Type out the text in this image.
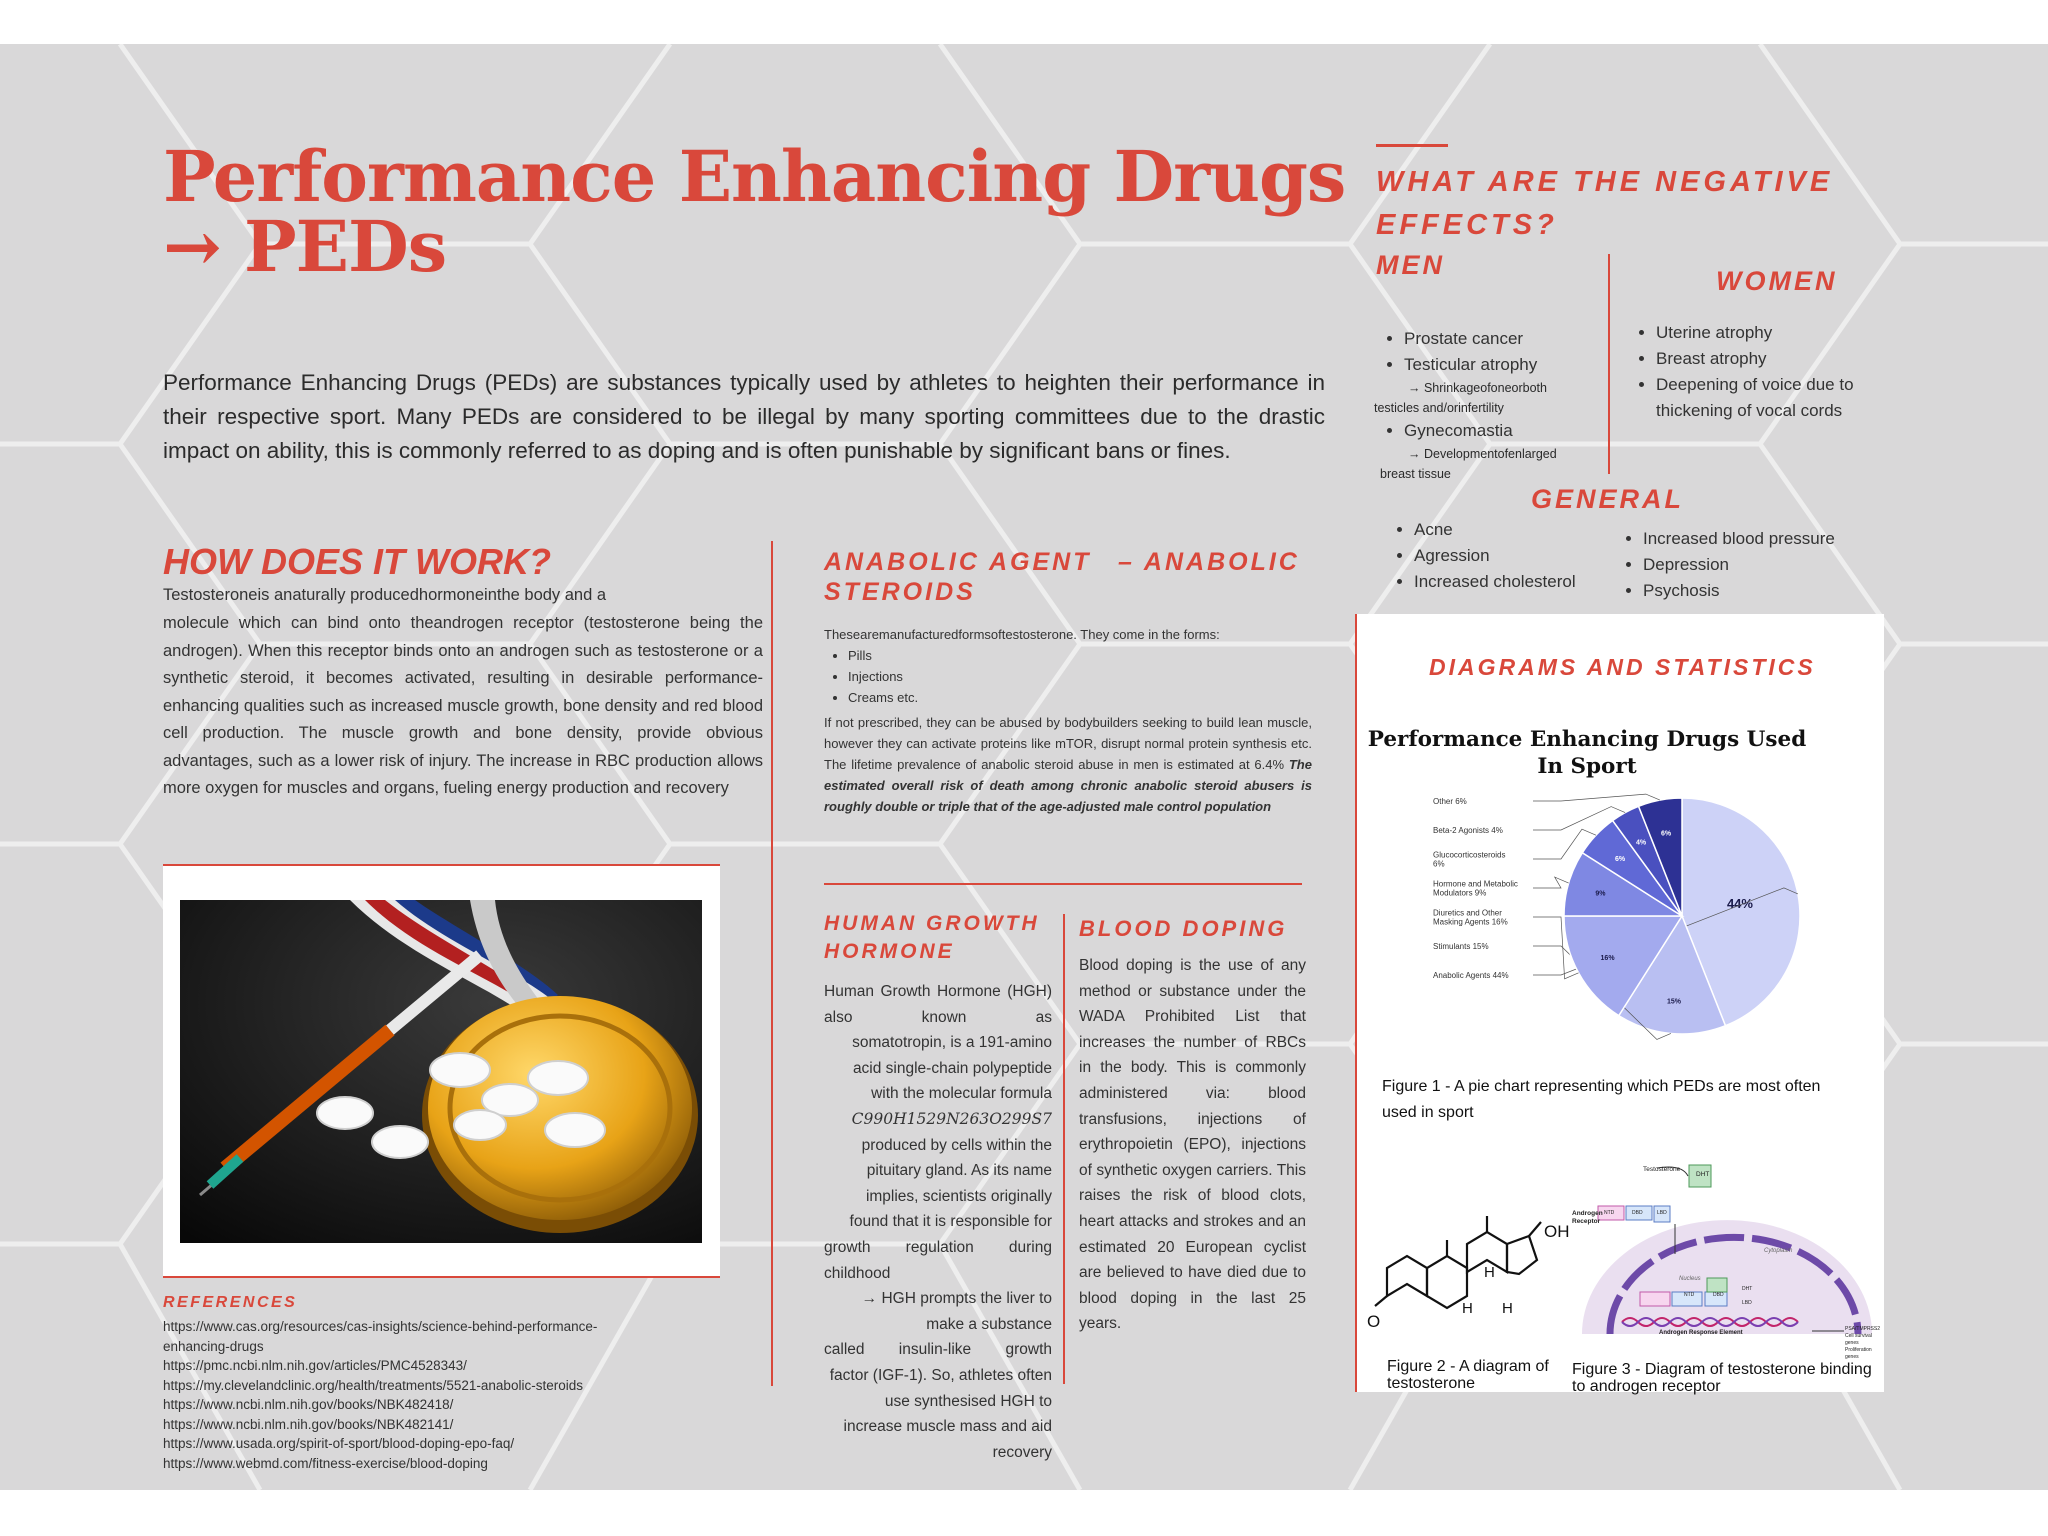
Performance Enhancing Drugs
→ PEDs
Performance Enhancing Drugs (PEDs) are substances typically used by athletes to heighten their performance in their respective sport. Many PEDs are considered to be illegal by many sporting committees due to the drastic impact on ability, this is commonly referred to as doping and is often punishable by significant bans or fines.
HOW DOES IT WORK?
Testosteroneis anaturally producedhormoneinthe body and a
molecule which can bind onto theandrogen receptor (testosterone being the androgen). When this receptor binds onto an androgen such as testosterone or a synthetic steroid, it becomes activated, resulting in desirable performance-enhancing qualities such as increased muscle growth, bone density and red blood cell production. The muscle growth and bone density, provide obvious advantages, such as a lower risk of injury. The increase in RBC production allows more oxygen for muscles and organs, fueling energy production and recovery
REFERENCES
https://www.cas.org/resources/cas-insights/science-behind-performance-
enhancing-drugs
https://pmc.ncbi.nlm.nih.gov/articles/PMC4528343/
https://my.clevelandclinic.org/health/treatments/5521-anabolic-steroids
https://www.ncbi.nlm.nih.gov/books/NBK482418/
https://www.ncbi.nlm.nih.gov/books/NBK482141/
https://www.usada.org/spirit-of-sport/blood-doping-epo-faq/
https://www.webmd.com/fitness-exercise/blood-doping
ANABOLIC AGENT – ANABOLIC
STEROIDS
Thesearemanufacturedformsoftestosterone. They come in the forms:
• Pills
• Injections
• Creams etc.
If not prescribed, they can be abused by bodybuilders seeking to build lean muscle, however they can activate proteins like mTOR, disrupt normal protein synthesis etc. The lifetime prevalence of anabolic steroid abuse in men is estimated at 6.4% The estimated overall risk of death among chronic anabolic steroid abusers is roughly double or triple that of the age-adjusted male control population
HUMAN GROWTH
HORMONE
Human Growth Hormone (HGH) also known as
somatotropin, is a 191-amino acid single-chain polypeptide with the molecular formula
C990H1529N263O299S7
produced by cells within the pituitary gland. As its name implies, scientists originally found that it is responsible for
growth regulation during childhood
→ HGH prompts the liver to make a substance
called insulin-like growth
factor (IGF-1). So, athletes often use synthesised HGH to increase muscle mass and aid recovery
BLOOD DOPING
Blood doping is the use of any method or substance under the WADA Prohibited List that increases the number of RBCs in the body. This is commonly administered via: blood transfusions, injections of erythropoietin (EPO), injections of synthetic oxygen carriers. This raises the risk of blood clots, heart attacks and strokes and an estimated 20 European cyclist are believed to have died due to blood doping in the last 25 years.
WHAT ARE THE NEGATIVE
EFFECTS?
MEN
WOMEN
• Prostate cancer
• Testicular atrophy
→ Shrinkageofoneorboth
testicles and/orinfertility
• Gynecomastia
→ Developmentofenlarged
breast tissue
• Uterine atrophy
• Breast atrophy
• Deepening of voice due to thickening of vocal cords
GENERAL
• Acne
• Agression
• Increased cholesterol
• Increased blood pressure
• Depression
• Psychosis
DIAGRAMS AND STATISTICS
Performance Enhancing Drugs Used In Sport
44%
Anabolic Agents 44%
15%
Stimulants 15%
16%
Diuretics and Other
Masking Agents 16%
9%
Hormone and Metabolic
Modulators 9%
6%
Glucocorticosteroids
6%
4%
Beta-2 Agonists 4%	6%
Other 6%
Figure 1 - A pie chart representing which PEDs are most often used in sport
OH
O
H
H H
Figure 2 - A diagram of testosterone
Testosterone
DHT
Androgen Receptor
NTD	DBD	LBD
Cytoplasm
Nucleus
NTD	DBD
DHT
LBD
Androgen Response Element
PSA/TMPRSS2 Cell survival genes Proliferation genes
Figure 3 - Diagram of testosterone binding to androgen receptor
